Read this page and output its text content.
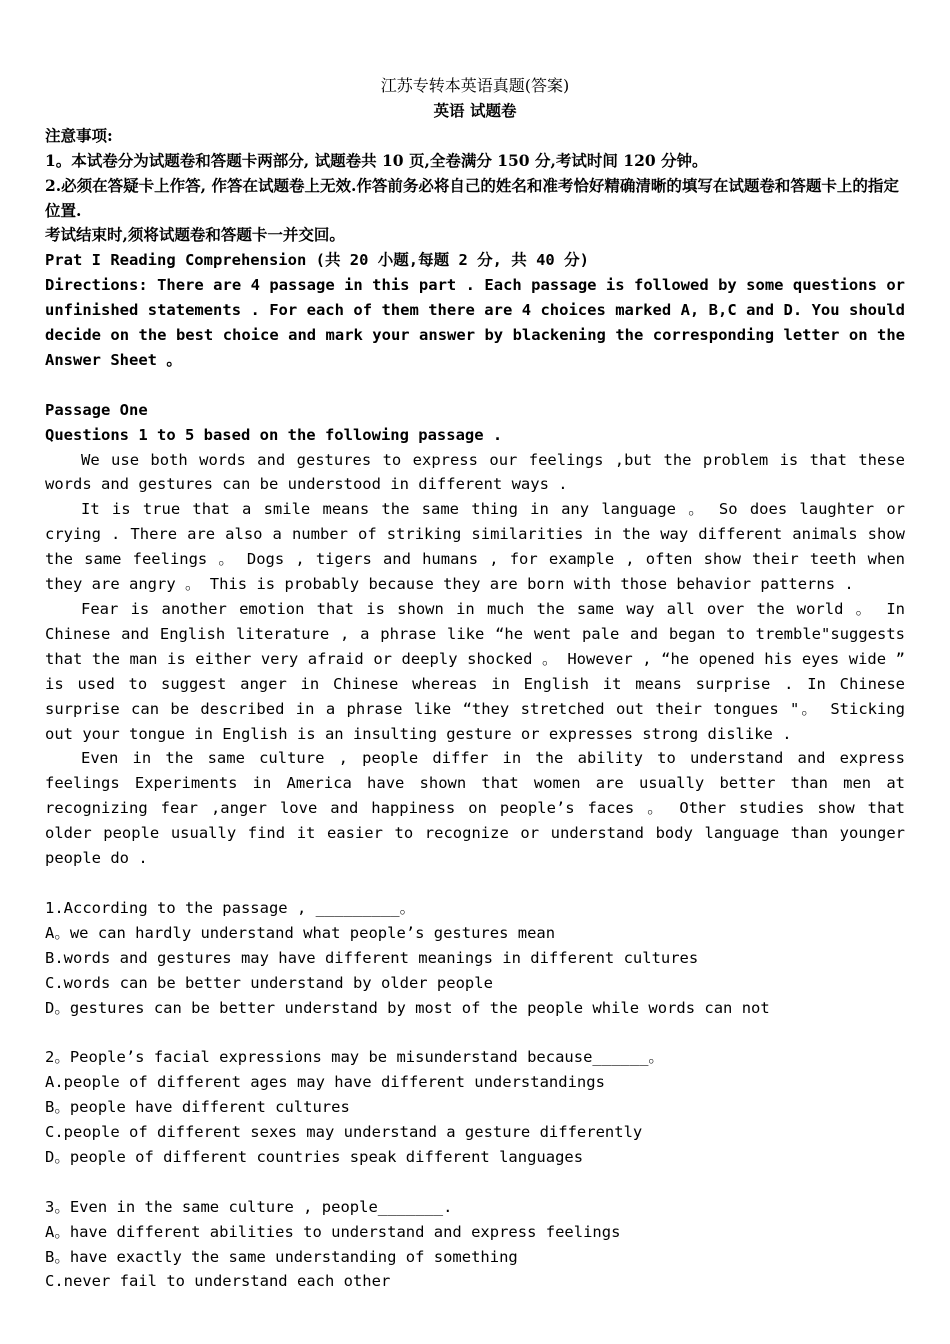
江苏专转本英语真题(答案)

英语 试题卷

注意事项:

1。本试卷分为试题卷和答题卡两部分, 试题卷共 10 页,全卷满分 150 分,考试时间 120 分钟。

2.必须在答疑卡上作答, 作答在试题卷上无效.作答前务必将自己的姓名和准考恰好精确清晰的填写在试题卷和答题卡上的指定位置.

考试结束时,须将试题卷和答题卡一并交回。

Prat I Reading Comprehension (共 20 小题,每题 2 分, 共 40 分)

Directions: There are 4 passage in this part . Each passage is followed by some questions or unfinished statements . For each of them there are 4 choices marked A, B,C and D. You should decide on the best choice and mark your answer by blackening the corresponding letter on the Answer Sheet 。

Passage One

Questions 1 to 5 based on the following passage .

We use both words and gestures to express our feelings ,but the problem is that these words and gestures can be understood in different ways .

It is true that a smile means the same thing in any language 。 So does laughter or crying . There are also a number of striking similarities in the way different animals show the same feelings 。 Dogs , tigers and humans , for example , often show their teeth when they are angry 。 This is probably because they are born with those behavior patterns .

Fear is another emotion that is shown in much the same way all over the world 。 In Chinese and English literature , a phrase like “he went pale and began to tremble"suggests that the man is either very afraid or deeply shocked 。 However , “he opened his eyes wide ” is used to suggest anger in Chinese whereas in English it means surprise . In Chinese surprise can be described in a phrase like “they stretched out their tongues "。 Sticking out your tongue in English is an insulting gesture or expresses strong dislike .

Even in the same culture , people differ in the ability to understand and express feelings Experiments in America have shown that women are usually better than men at recognizing fear ,anger love and happiness on people’s faces 。 Other studies show that older people usually find it easier to recognize or understand body language than younger people do .

1.According to the passage , _________。

A。we can hardly understand what people’s gestures mean

B.words and gestures may have different meanings in different cultures

C.words can be better understand by older people

D。gestures can be better understand by most of the people while words can not

2。People’s facial expressions may be misunderstand because______。

A.people of different ages may have different understandings

B。people have different cultures

C.people of different sexes may understand a gesture differently

D。people of different countries speak different languages

3。Even in the same culture , people_______.

A。have different abilities to understand and express feelings

B。have exactly the same understanding of something

C.never fail to understand each other
